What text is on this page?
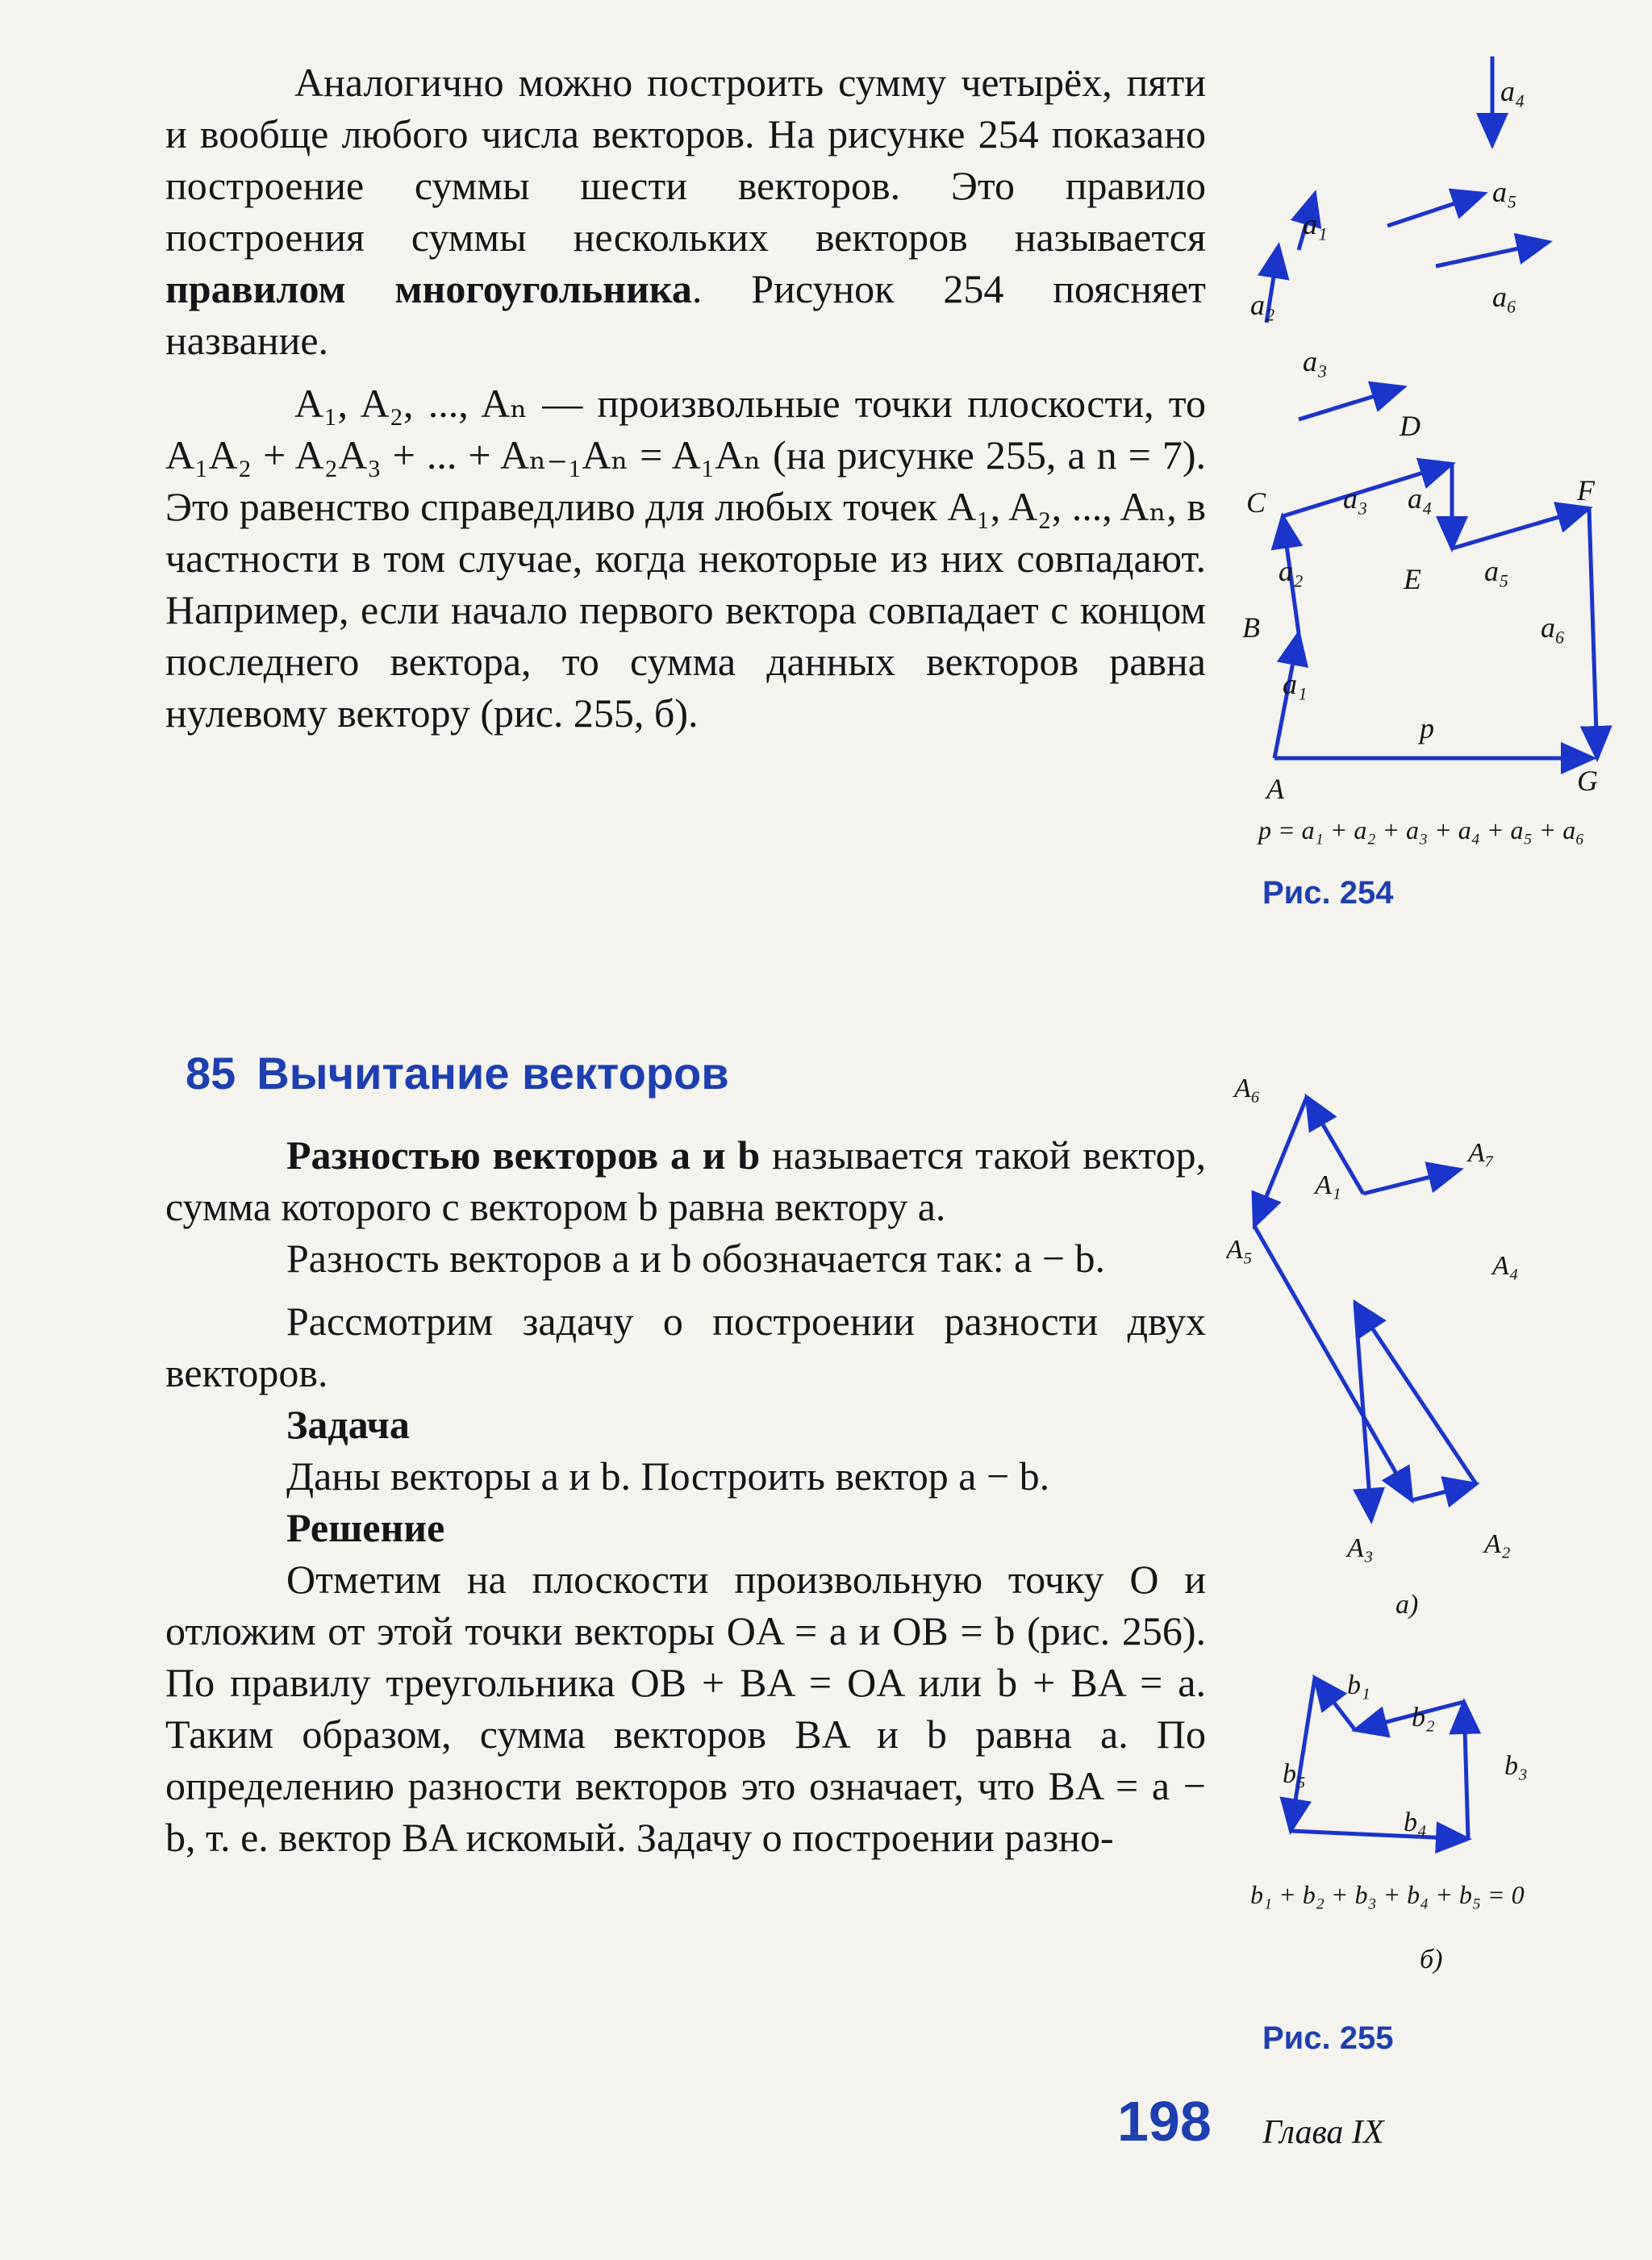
Аналогично можно построить сумму четырёх, пяти и вообще любого числа векторов. На рисунке 254 показано построение суммы шести векторов. Это правило построения суммы нескольких векторов называется правилом многоугольника. Рисунок 254 поясняет название.

A₁, A₂, ..., Aₙ — произвольные точки плоскости, то A₁A₂ + A₂A₃ + ... + Aₙ₋₁Aₙ = A₁Aₙ (на рисунке 255, а n = 7). Это равенство справедливо для любых точек A₁, A₂, ..., Aₙ, в частности в том случае, когда некоторые из них совпадают. Например, если начало первого вектора совпадает с концом последнего вектора, то сумма данных векторов равна нулевому вектору (рис. 255, б).

85 Вычитание векторов

Разностью векторов a и b называется такой вектор, сумма которого с вектором b равна вектору a.

Разность векторов a и b обозначается так: a − b.

Рассмотрим задачу о построении разности двух векторов.

Задача

Даны векторы a и b. Построить вектор a − b.

Решение

Отметим на плоскости произвольную точку O и отложим от этой точки векторы OA = a и OB = b (рис. 256). По правилу треугольника OB + BA = OA или b + BA = a. Таким образом, сумма векторов BA и b равна a. По определению разности векторов это означает, что BA = a − b, т. е. вектор BA искомый. Задачу о построении разно-

a₄
a₁
a₅
a₂	a₆
a₃
D
C	a₃ a₄	F
a₂	E a₅
B	a₆
a₁
p
A	G
p = a₁ + a₂ + a₃ + a₄ + a₅ + a₆
Рис. 254
A₆
A₇
A₁
A₅
A₄
A₃	A₂
а)
b₁
b₂
b₃
b₄
b₅
b₁ + b₂ + b₃ + b₄ + b₅ = 0
б)
Рис. 255
198 Глава IX
